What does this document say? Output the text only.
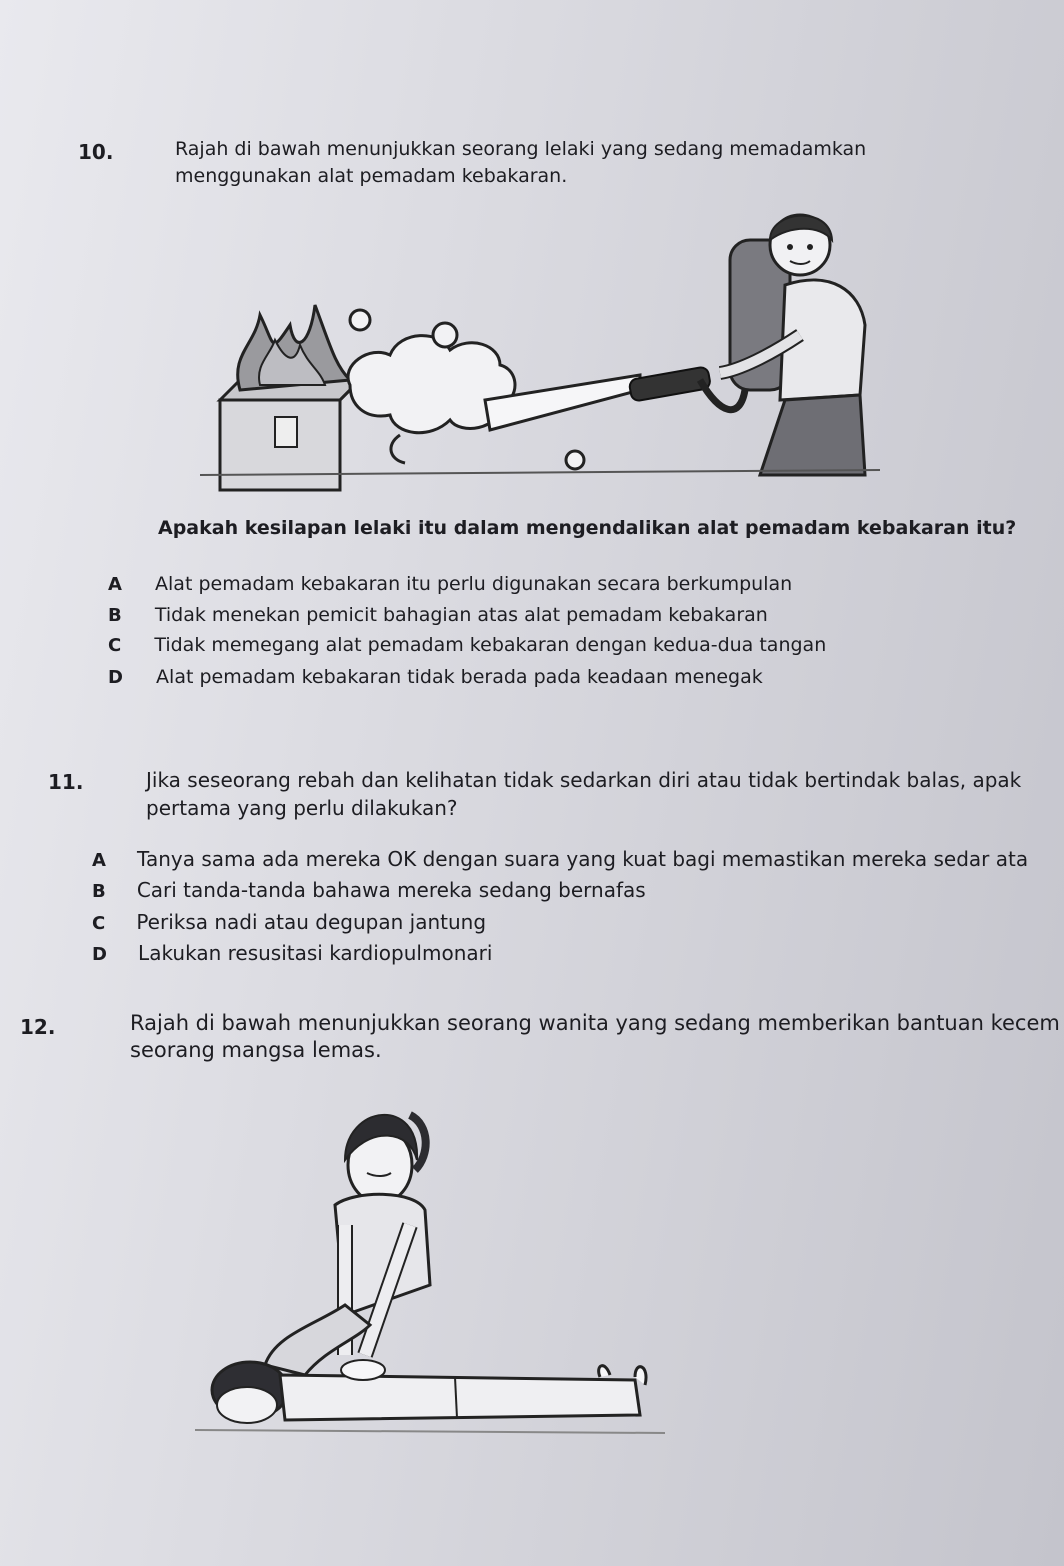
10.	Rajah di bawah menunjukkan seorang lelaki yang sedang memadamkan
menggunakan alat pemadam kebakaran.
Apakah kesilapan lelaki itu dalam mengendalikan alat pemadam kebakaran itu?
A Alat pemadam kebakaran itu perlu digunakan secara berkumpulan
B Tidak menekan pemicit bahagian atas alat pemadam kebakaran
C Tidak memegang alat pemadam kebakaran dengan kedua-dua tangan
D Alat pemadam kebakaran tidak berada pada keadaan menegak
11.	Jika seseorang rebah dan kelihatan tidak sedarkan diri atau tidak bertindak balas, apak
pertama yang perlu dilakukan?
A Tanya sama ada mereka OK dengan suara yang kuat bagi memastikan mereka sedar ata
B Cari tanda-tanda bahawa mereka sedang bernafas
C Periksa nadi atau degupan jantung
D Lakukan resusitasi kardiopulmonari
12.	Rajah di bawah menunjukkan seorang wanita yang sedang memberikan bantuan kecem
seorang mangsa lemas.
